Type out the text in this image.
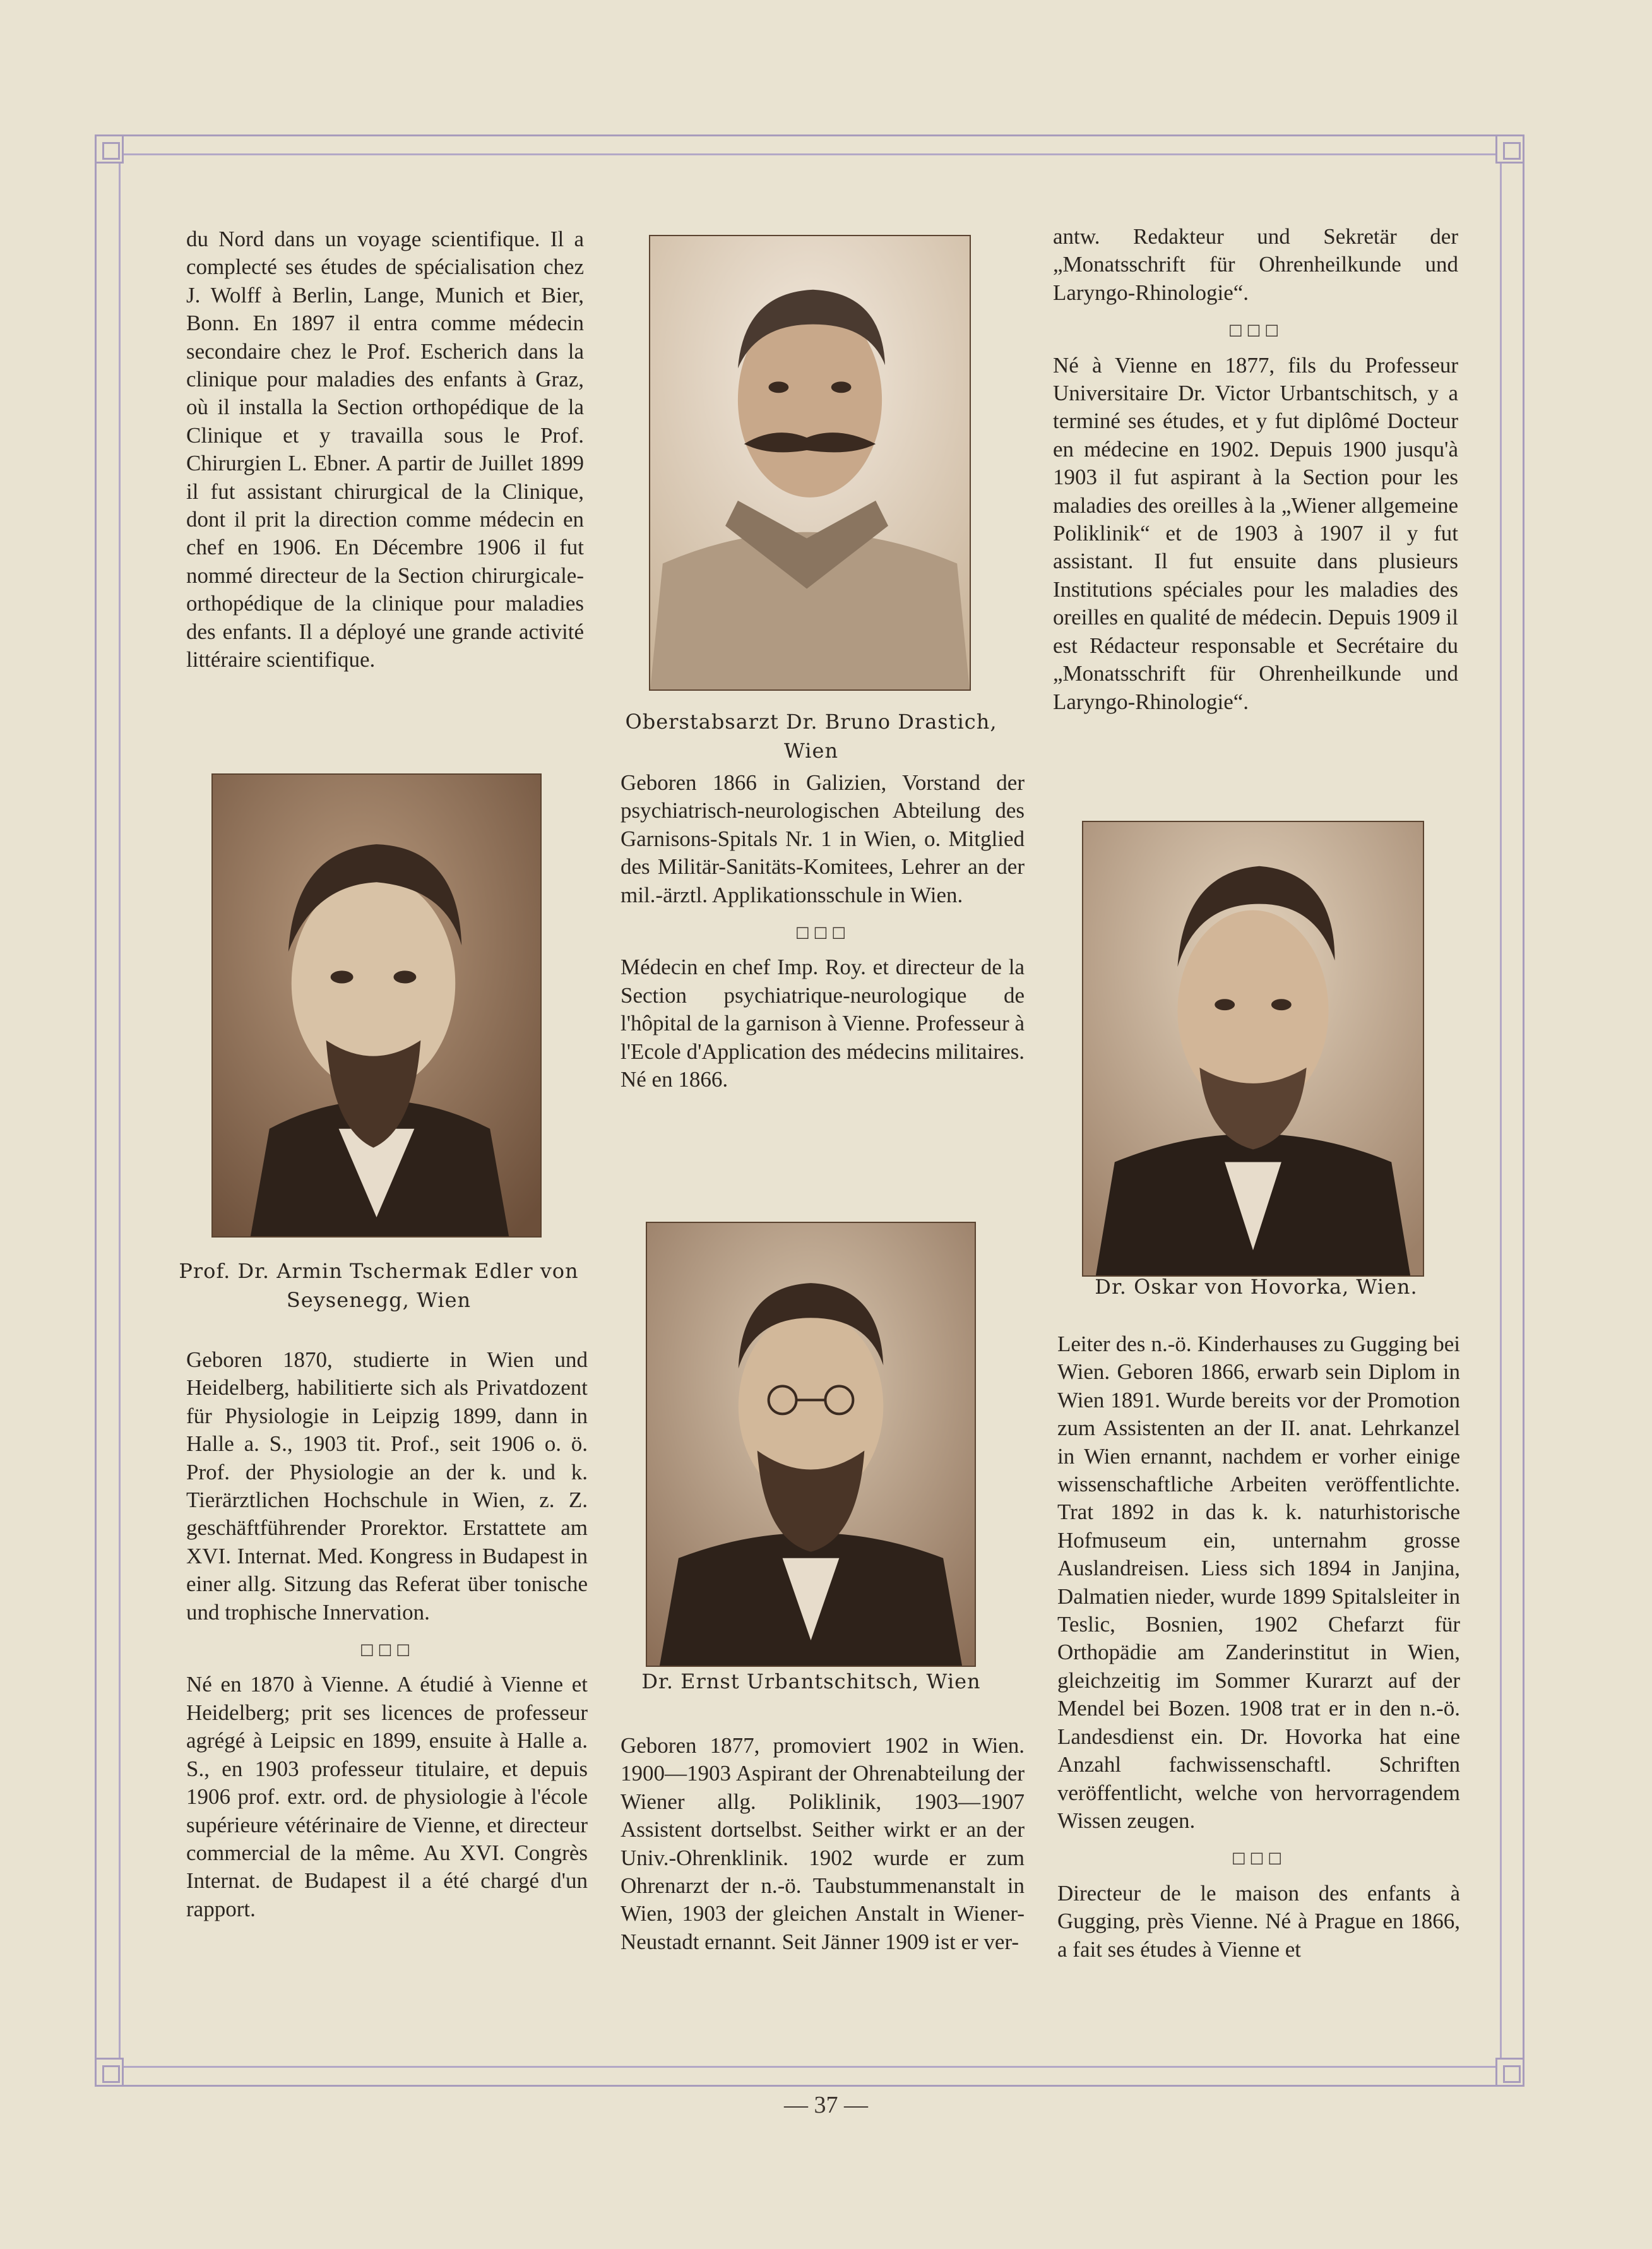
du Nord dans un voyage scientifique. Il a complecté ses études de spécialisation chez J. Wolff à Berlin, Lange, Munich et Bier, Bonn. En 1897 il entra comme médecin secondaire chez le Prof. Escherich dans la clinique pour maladies des enfants à Graz, où il installa la Section orthopédique de la Clinique et y travailla sous le Prof. Chirurgien L. Ebner. A partir de Juillet 1899 il fut assistant chirurgical de la Clinique, dont il prit la direction comme médecin en chef en 1906. En Décembre 1906 il fut nommé directeur de la Section chirurgicale-orthopédique de la clinique pour maladies des enfants. Il a déployé une grande activité littéraire scientifique.

Prof. Dr. Armin Tschermak Edler von Seysenegg, Wien

Geboren 1870, studierte in Wien und Heidelberg, habilitierte sich als Privatdozent für Physiologie in Leipzig 1899, dann in Halle a. S., 1903 tit. Prof., seit 1906 o. ö. Prof. der Physiologie an der k. und k. Tierärztlichen Hochschule in Wien, z. Z. geschäftführender Prorektor. Erstattete am XVI. Internat. Med. Kongress in Budapest in einer allg. Sitzung das Referat über tonische und trophische Innervation.

□□□

Né en 1870 à Vienne. A étudié à Vienne et Heidelberg; prit ses licences de professeur agrégé à Leipsic en 1899, ensuite à Halle a. S., en 1903 professeur titulaire, et depuis 1906 prof. extr. ord. de physiologie à l'école supérieure vétérinaire de Vienne, et directeur commercial de la même. Au XVI. Congrès Internat. de Budapest il a été chargé d'un rapport.

Oberstabsarzt Dr. Bruno Drastich, Wien

Geboren 1866 in Galizien, Vorstand der psychiatrisch-neurologischen Abteilung des Garnisons-Spitals Nr. 1 in Wien, o. Mitglied des Militär-Sanitäts-Komitees, Lehrer an der mil.-ärztl. Applikationsschule in Wien.

□□□

Médecin en chef Imp. Roy. et directeur de la Section psychiatrique-neurologique de l'hôpital de la garnison à Vienne. Professeur à l'Ecole d'Application des médecins militaires. Né en 1866.

Dr. Ernst Urbantschitsch, Wien

Geboren 1877, promoviert 1902 in Wien. 1900—1903 Aspirant der Ohrenabteilung der Wiener allg. Poliklinik, 1903—1907 Assistent dortselbst. Seither wirkt er an der Univ.-Ohrenklinik. 1902 wurde er zum Ohrenarzt der n.-ö. Taubstummenanstalt in Wien, 1903 der gleichen Anstalt in Wiener-Neustadt ernannt. Seit Jänner 1909 ist er ver-

antw. Redakteur und Sekretär der „Monatsschrift für Ohrenheilkunde und Laryngo-Rhinologie“.

□□□

Né à Vienne en 1877, fils du Professeur Universitaire Dr. Victor Urbantschitsch, y a terminé ses études, et y fut diplômé Docteur en médecine en 1902. Depuis 1900 jusqu'à 1903 il fut aspirant à la Section pour les maladies des oreilles à la „Wiener allgemeine Poliklinik“ et de 1903 à 1907 il y fut assistant. Il fut ensuite dans plusieurs Institutions spéciales pour les maladies des oreilles en qualité de médecin. Depuis 1909 il est Rédacteur responsable et Secrétaire du „Monatsschrift für Ohrenheilkunde und Laryngo-Rhinologie“.

Dr. Oskar von Hovorka, Wien.

Leiter des n.-ö. Kinderhauses zu Gugging bei Wien. Geboren 1866, erwarb sein Diplom in Wien 1891. Wurde bereits vor der Promotion zum Assistenten an der II. anat. Lehrkanzel in Wien ernannt, nachdem er vorher einige wissenschaftliche Arbeiten veröffentlichte. Trat 1892 in das k. k. naturhistorische Hofmuseum ein, unternahm grosse Auslandreisen. Liess sich 1894 in Janjina, Dalmatien nieder, wurde 1899 Spitalsleiter in Teslic, Bosnien, 1902 Chefarzt für Orthopädie am Zanderinstitut in Wien, gleichzeitig im Sommer Kurarzt auf der Mendel bei Bozen. 1908 trat er in den n.-ö. Landesdienst ein. Dr. Hovorka hat eine Anzahl fachwissenschaftl. Schriften veröffentlicht, welche von hervorragendem Wissen zeugen.

□□□

Directeur de le maison des enfants à Gugging, près Vienne. Né à Prague en 1866, a fait ses études à Vienne et

— 37 —
